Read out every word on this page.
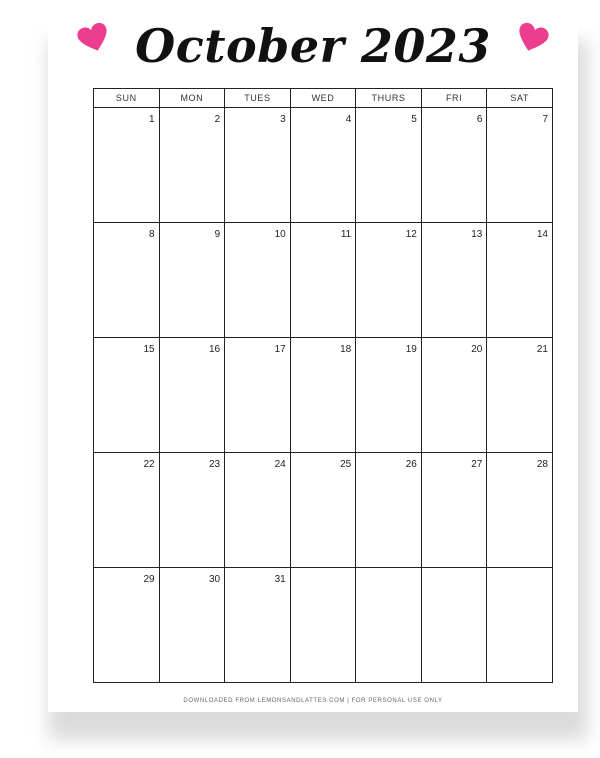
October 2023
SUN	MON	TUES	WED	THURS	FRI	SAT
1	2	3	4	5	6	7
8	9	10	11	12	13	14
15	16	17	18	19	20	21
22	23	24	25	26	27	28
29	30	31				
DOWNLOADED FROM LEMONSANDLATTES.COM | FOR PERSONAL USE ONLY
